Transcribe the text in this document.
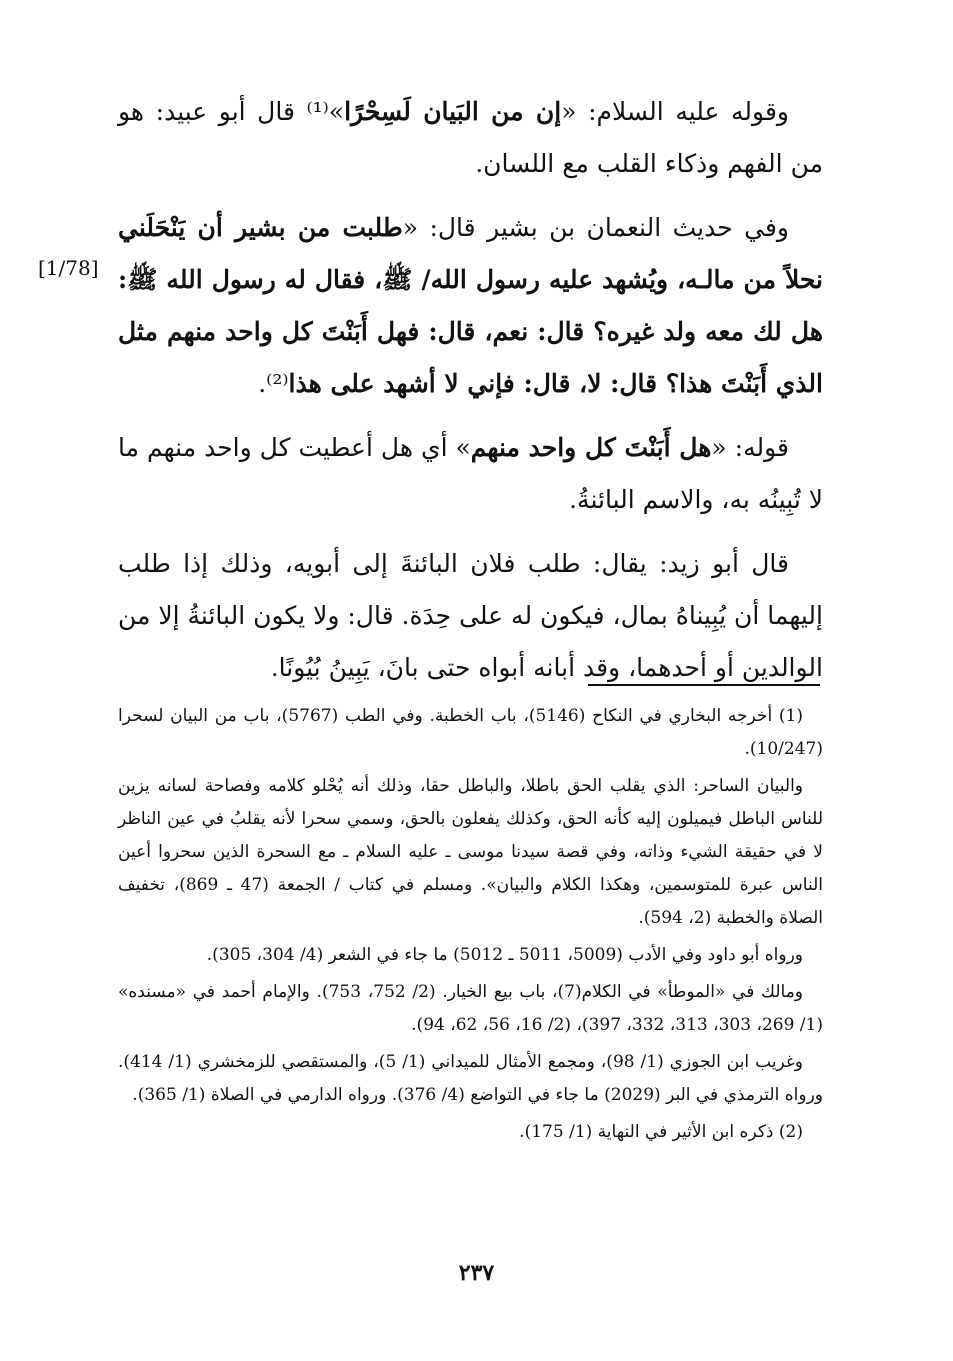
وقوله عليه السلام: «إن من البَيان لَسِحْرًا»⁽¹⁾ قال أبو عبيد: هو من الفهم وذكاء القلب مع اللسان.

وفي حديث النعمان بن بشير قال: «طلبت من بشير أن يَنْحَلَني نحلاً من مالـه، ويُشهد عليه رسول الله/ ﷺ، فقال له رسول الله ﷺ: هل لك معه ولد غيره؟ قال: نعم، قال: فهل أَبَنْتَ كل واحد منهم مثل الذي أَبَنْتَ هذا؟ قال: لا، قال: فإني لا أشهد على هذا⁽²⁾.

قوله: «هل أَبَنْتَ كل واحد منهم» أي هل أعطيت كل واحد منهم ما لا تُبِينُه به، والاسم البائنةُ.

قال أبو زيد: يقال: طلب فلان البائنةَ إلى أبويه، وذلك إذا طلب إليهما أن يُبِيناهُ بمال، فيكون له على حِدَة. قال: ولا يكون البائنةُ إلا من الوالدين أو أحدهما، وقد أبانه أبواه حتى بانَ، يَبِينُ بُيُونًا.

[1/78]

(1) أخرجه البخاري في النكاح (5146)، باب الخطبة. وفي الطب (5767)، باب من البيان لسحرا (10/247).

والبيان الساحر: الذي يقلب الحق باطلا، والباطل حقا، وذلك أنه يُحْلو كلامه وفصاحة لسانه يزين للناس الباطل فيميلون إليه كأنه الحق، وكذلك يفعلون بالحق، وسمي سحرا لأنه يقلبُ في عين الناظر لا في حقيقة الشيء وذاته، وفي قصة سيدنا موسى ـ عليه السلام ـ مع السحرة الذين سحروا أعين الناس عبرة للمتوسمين، وهكذا الكلام والبيان». ومسلم في كتاب / الجمعة (47 ـ 869)، تخفيف الصلاة والخطبة (2، 594).

ورواه أبو داود وفي الأدب (5009، 5011 ـ 5012) ما جاء في الشعر (4/ 304، 305).

ومالك في «الموطأ» في الكلام(7)، باب بيع الخيار. (2/ 752، 753). والإمام أحمد في «مسنده» (1/ 269، 303، 313، 332، 397)، (2/ 16، 56، 62، 94).

وغريب ابن الجوزي (1/ 98)، ومجمع الأمثال للميداني (1/ 5)، والمستقصي للزمخشري (1/ 414). ورواه الترمذي في البر (2029) ما جاء في التواضع (4/ 376). ورواه الدارمي في الصلاة (1/ 365).

(2) ذكره ابن الأثير في النهاية (1/ 175).

٢٣٧
